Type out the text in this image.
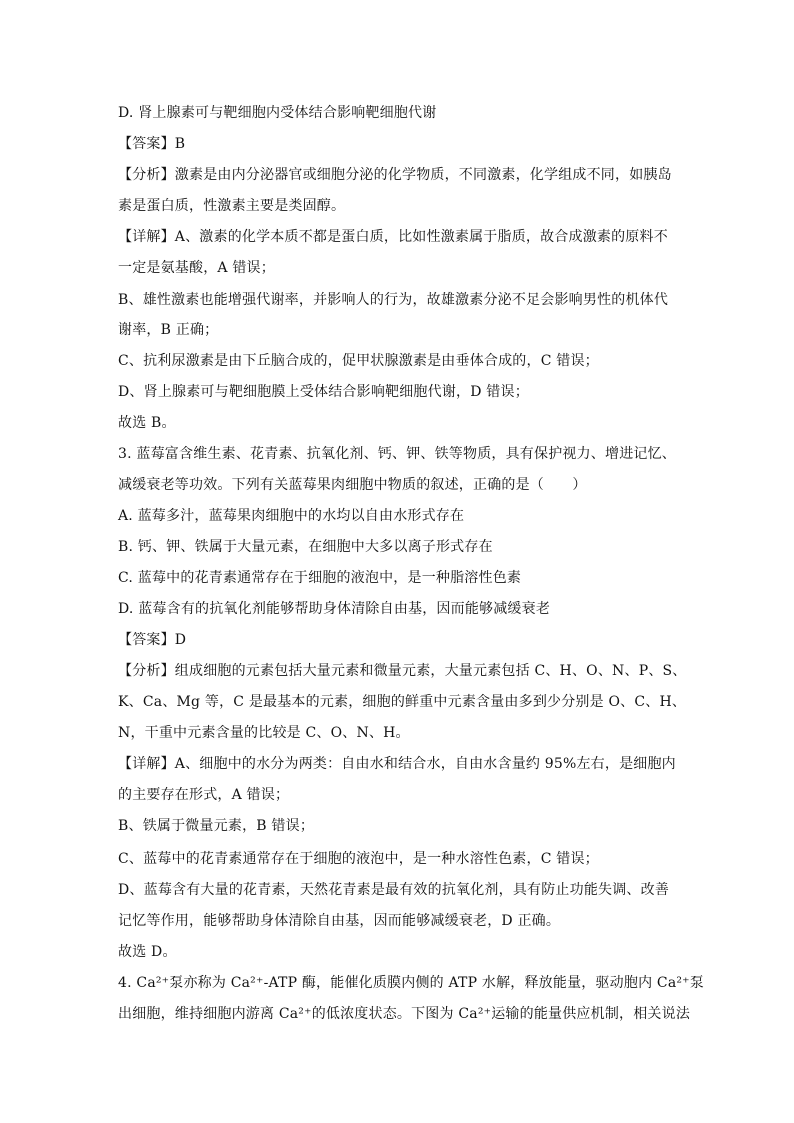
D. 肾上腺素可与靶细胞内受体结合影响靶细胞代谢
【答案】B
【分析】激素是由内分泌器官或细胞分泌的化学物质，不同激素，化学组成不同，如胰岛
素是蛋白质，性激素主要是类固醇。
【详解】A、激素的化学本质不都是蛋白质，比如性激素属于脂质，故合成激素的原料不
一定是氨基酸，A 错误；
B、雄性激素也能增强代谢率，并影响人的行为，故雄激素分泌不足会影响男性的机体代
谢率，B 正确；
C、抗利尿激素是由下丘脑合成的，促甲状腺激素是由垂体合成的，C 错误；
D、肾上腺素可与靶细胞膜上受体结合影响靶细胞代谢，D 错误；
故选 B。
3. 蓝莓富含维生素、花青素、抗氧化剂、钙、钾、铁等物质，具有保护视力、增进记忆、
减缓衰老等功效。下列有关蓝莓果肉细胞中物质的叙述，正确的是（　　）
A. 蓝莓多汁，蓝莓果肉细胞中的水均以自由水形式存在
B. 钙、钾、铁属于大量元素，在细胞中大多以离子形式存在
C. 蓝莓中的花青素通常存在于细胞的液泡中，是一种脂溶性色素
D. 蓝莓含有的抗氧化剂能够帮助身体清除自由基，因而能够减缓衰老
【答案】D
【分析】组成细胞的元素包括大量元素和微量元素，大量元素包括 C、H、O、N、P、S、
K、Ca、Mg 等，C 是最基本的元素，细胞的鲜重中元素含量由多到少分别是 O、C、H、
N，干重中元素含量的比较是 C、O、N、H。
【详解】A、细胞中的水分为两类：自由水和结合水，自由水含量约 95%左右，是细胞内
的主要存在形式，A 错误；
B、铁属于微量元素，B 错误；
C、蓝莓中的花青素通常存在于细胞的液泡中，是一种水溶性色素，C 错误；
D、蓝莓含有大量的花青素，天然花青素是最有效的抗氧化剂，具有防止功能失调、改善
记忆等作用，能够帮助身体清除自由基，因而能够减缓衰老，D 正确。
故选 D。
4. Ca²⁺泵亦称为 Ca²⁺-ATP 酶，能催化质膜内侧的 ATP 水解，释放能量，驱动胞内 Ca²⁺泵
出细胞，维持细胞内游离 Ca²⁺的低浓度状态。下图为 Ca²⁺运输的能量供应机制，相关说法
